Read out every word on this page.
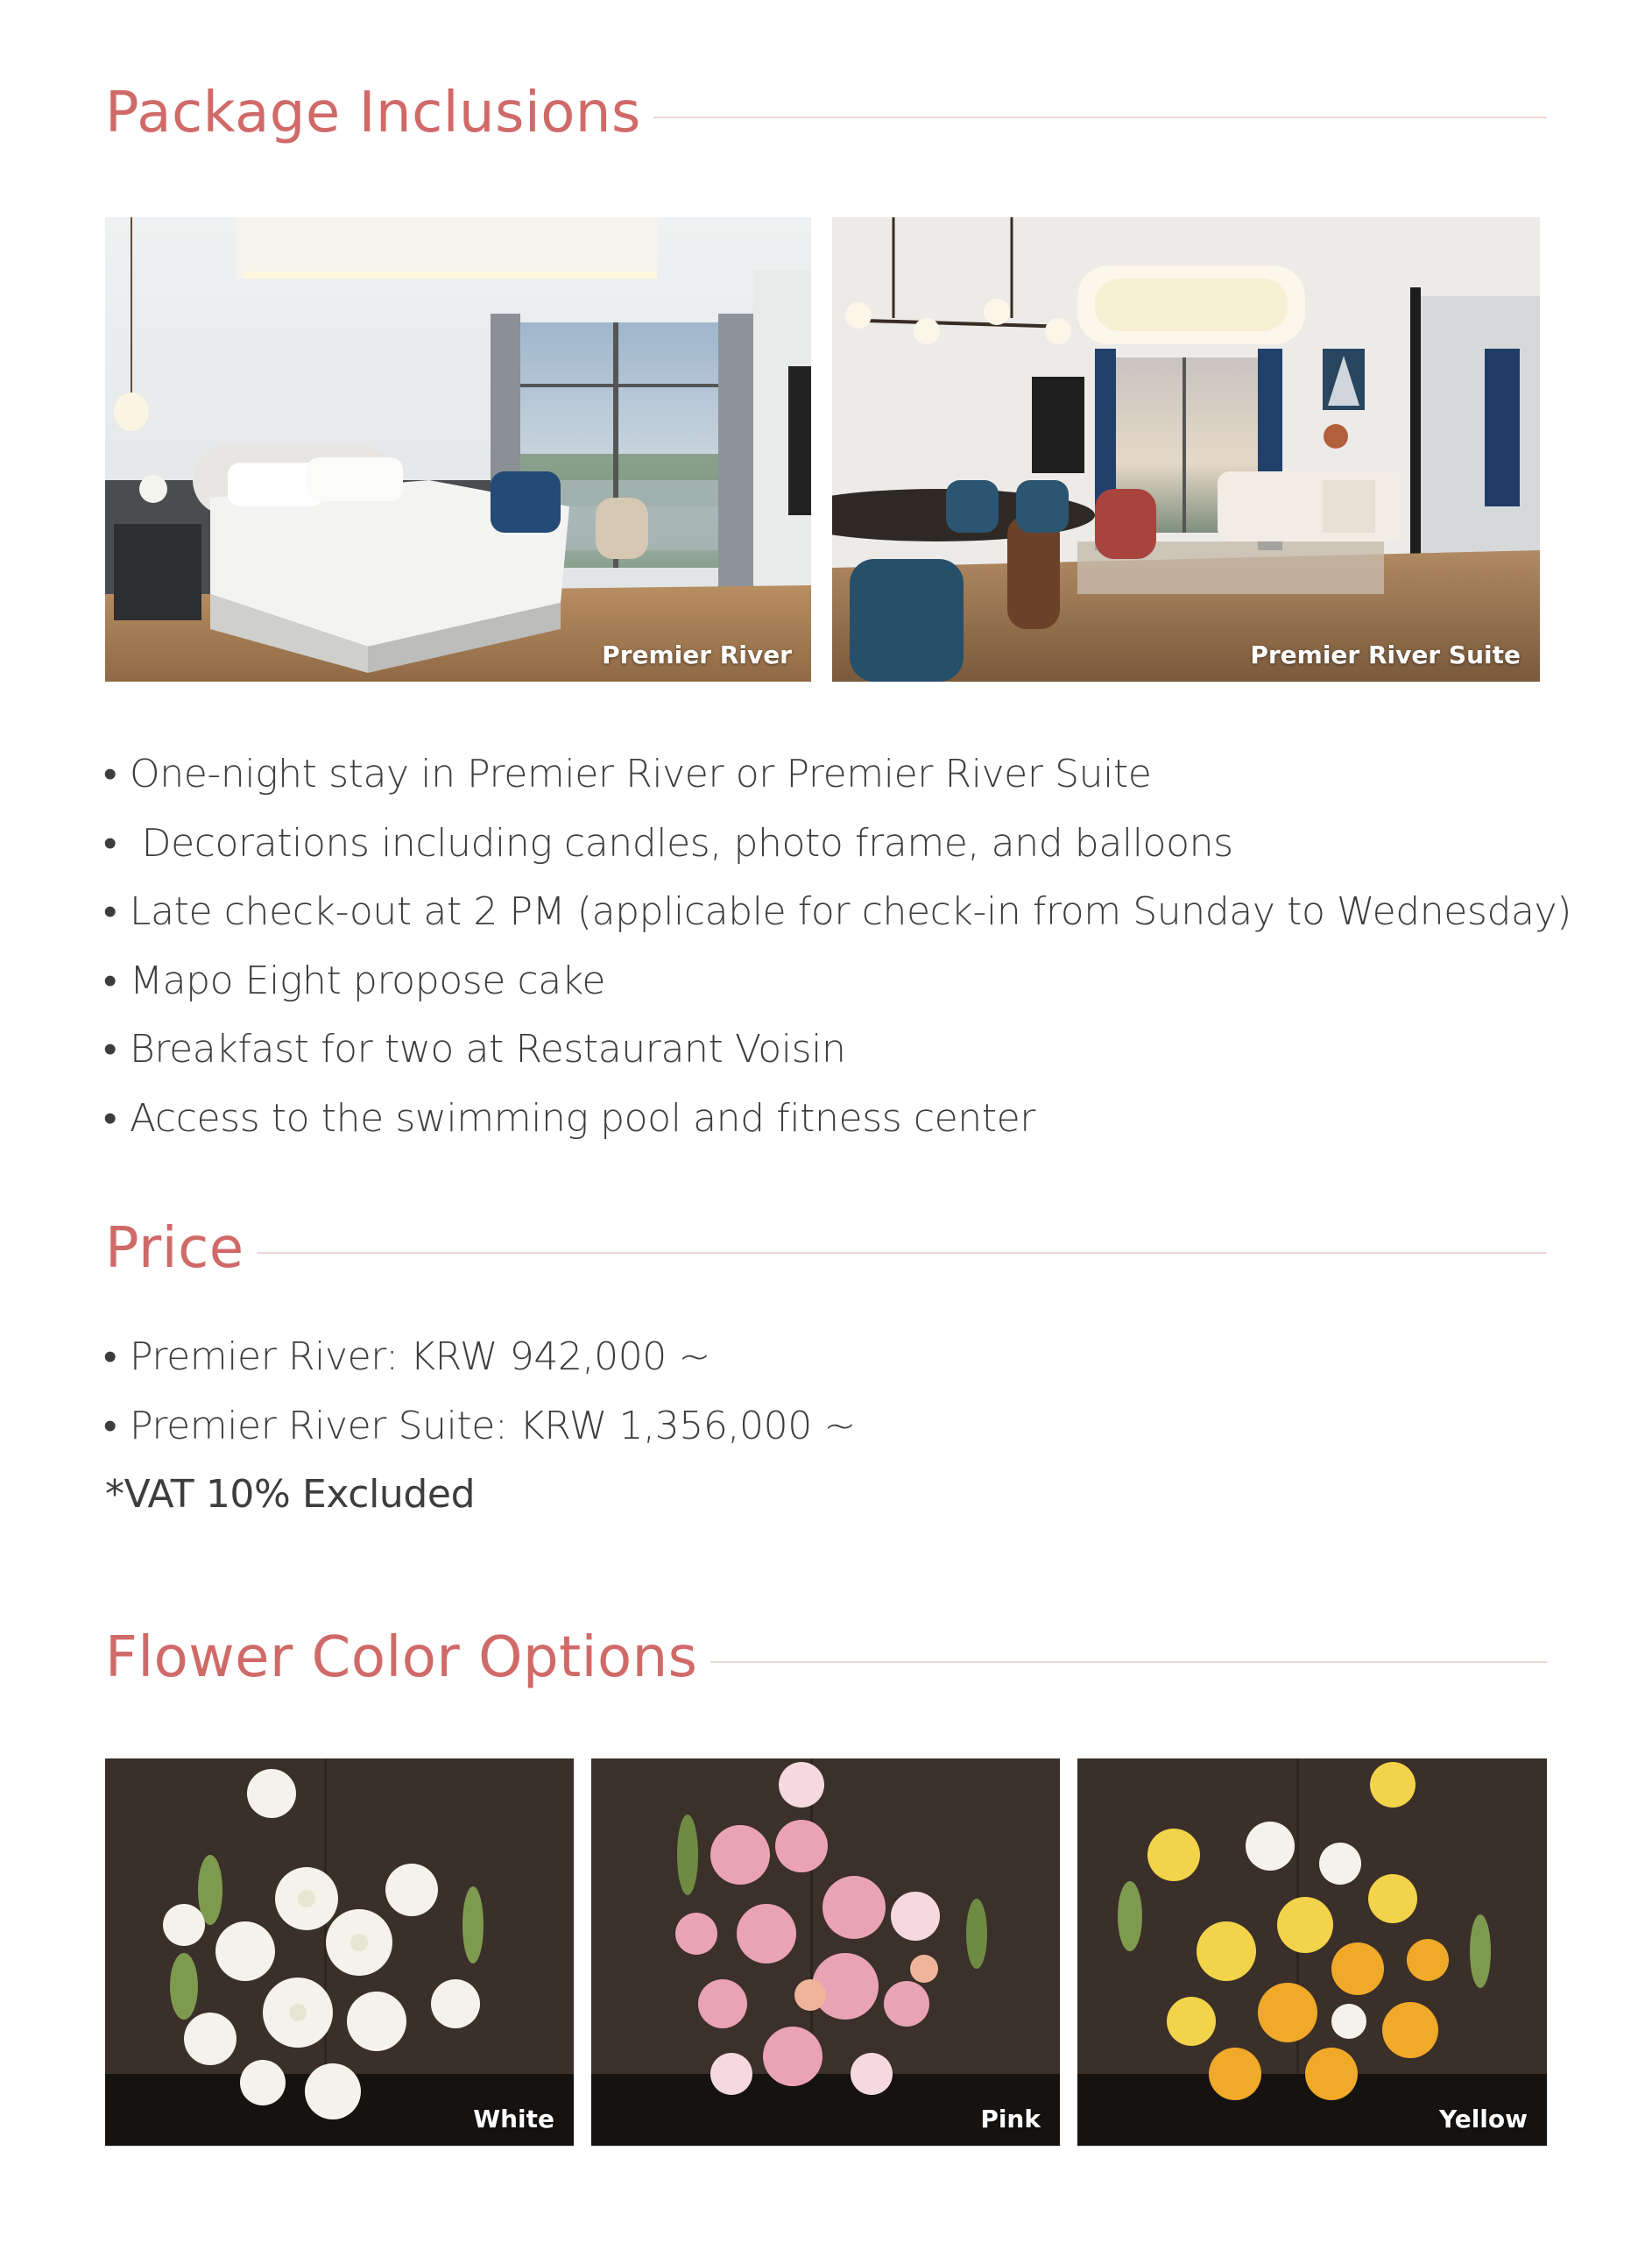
Package Inclusions
Premier River	Premier River Suite
• One-night stay in Premier River or Premier River Suite
• Decorations including candles, photo frame, and balloons
• Late check-out at 2 PM (applicable for check-in from Sunday to Wednesday)
• Mapo Eight propose cake
• Breakfast for two at Restaurant Voisin
• Access to the swimming pool and fitness center
Price
• Premier River: KRW 942,000 ~
• Premier River Suite: KRW 1,356,000 ~
*VAT 10% Excluded
Flower Color Options
White	Pink	Yellow
